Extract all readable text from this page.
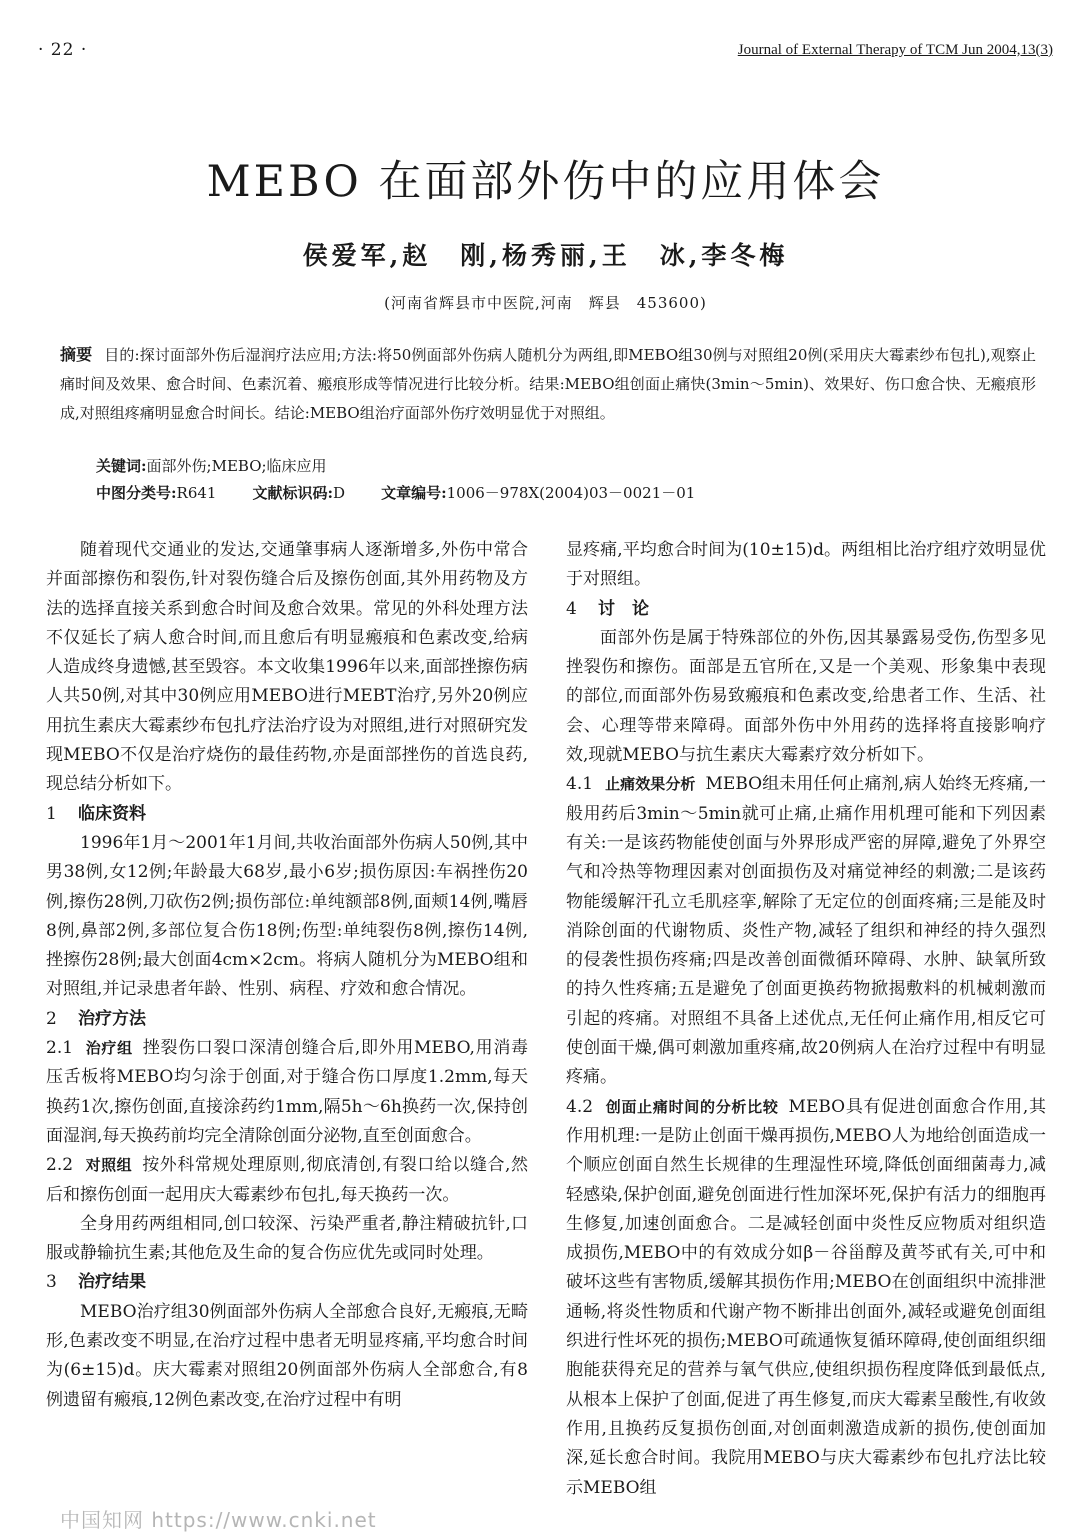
· 22 ·	Journal of External Therapy of TCM Jun 2004,13(3)
MEBO 在面部外伤中的应用体会
侯爱军,赵　刚,杨秀丽,王　冰,李冬梅
(河南省辉县市中医院,河南　辉县　453600)
摘要 目的:探讨面部外伤后湿润疗法应用;方法:将50例面部外伤病人随机分为两组,即MEBO组30例与对照组20例(采用庆大霉素纱布包扎),观察止痛时间及效果、愈合时间、色素沉着、瘢痕形成等情况进行比较分析。结果:MEBO组创面止痛快(3min～5min)、效果好、伤口愈合快、无瘢痕形成,对照组疼痛明显愈合时间长。结论:MEBO组治疗面部外伤疗效明显优于对照组。
关键词:面部外伤;MEBO;临床应用
中图分类号:R641 文献标识码:D 文章编号:1006－978X(2004)03－0021－01

随着现代交通业的发达,交通肇事病人逐渐增多,外伤中常合并面部擦伤和裂伤,针对裂伤缝合后及擦伤创面,其外用药物及方法的选择直接关系到愈合时间及愈合效果。常见的外科处理方法不仅延长了病人愈合时间,而且愈后有明显瘢痕和色素改变,给病人造成终身遗憾,甚至毁容。本文收集1996年以来,面部挫擦伤病人共50例,对其中30例应用MEBO进行MEBT治疗,另外20例应用抗生素庆大霉素纱布包扎疗法治疗设为对照组,进行对照研究发现MEBO不仅是治疗烧伤的最佳药物,亦是面部挫伤的首选良药,现总结分析如下。

1 临床资料

1996年1月～2001年1月间,共收治面部外伤病人50例,其中男38例,女12例;年龄最大68岁,最小6岁;损伤原因:车祸挫伤20例,擦伤28例,刀砍伤2例;损伤部位:单纯额部8例,面颊14例,嘴唇8例,鼻部2例,多部位复合伤18例;伤型:单纯裂伤8例,擦伤14例,挫擦伤28例;最大创面4cm×2cm。将病人随机分为MEBO组和对照组,并记录患者年龄、性别、病程、疗效和愈合情况。

2 治疗方法

2.1 治疗组 挫裂伤口裂口深清创缝合后,即外用MEBO,用消毒压舌板将MEBO均匀涂于创面,对于缝合伤口厚度1.2mm,每天换药1次,擦伤创面,直接涂药约1mm,隔5h～6h换药一次,保持创面湿润,每天换药前均完全清除创面分泌物,直至创面愈合。

2.2 对照组 按外科常规处理原则,彻底清创,有裂口给以缝合,然后和擦伤创面一起用庆大霉素纱布包扎,每天换药一次。

全身用药两组相同,创口较深、污染严重者,静注精破抗针,口服或静输抗生素;其他危及生命的复合伤应优先或同时处理。

3 治疗结果

MEBO治疗组30例面部外伤病人全部愈合良好,无瘢痕,无畸形,色素改变不明显,在治疗过程中患者无明显疼痛,平均愈合时间为(6±15)d。庆大霉素对照组20例面部外伤病人全部愈合,有8例遗留有瘢痕,12例色素改变,在治疗过程中有明

显疼痛,平均愈合时间为(10±15)d。两组相比治疗组疗效明显优于对照组。

4 讨　论

面部外伤是属于特殊部位的外伤,因其暴露易受伤,伤型多见挫裂伤和擦伤。面部是五官所在,又是一个美观、形象集中表现的部位,而面部外伤易致瘢痕和色素改变,给患者工作、生活、社会、心理等带来障碍。面部外伤中外用药的选择将直接影响疗效,现就MEBO与抗生素庆大霉素疗效分析如下。

4.1 止痛效果分析 MEBO组未用任何止痛剂,病人始终无疼痛,一般用药后3min～5min就可止痛,止痛作用机理可能和下列因素有关:一是该药物能使创面与外界形成严密的屏障,避免了外界空气和冷热等物理因素对创面损伤及对痛觉神经的刺激;二是该药物能缓解汗孔立毛肌痉挛,解除了无定位的创面疼痛;三是能及时消除创面的代谢物质、炎性产物,减轻了组织和神经的持久强烈的侵袭性损伤疼痛;四是改善创面微循环障碍、水肿、缺氧所致的持久性疼痛;五是避免了创面更换药物掀揭敷料的机械刺激而引起的疼痛。对照组不具备上述优点,无任何止痛作用,相反它可使创面干燥,偶可刺激加重疼痛,故20例病人在治疗过程中有明显疼痛。

4.2 创面止痛时间的分析比较 MEBO具有促进创面愈合作用,其作用机理:一是防止创面干燥再损伤,MEBO人为地给创面造成一个顺应创面自然生长规律的生理湿性环境,降低创面细菌毒力,减轻感染,保护创面,避免创面进行性加深坏死,保护有活力的细胞再生修复,加速创面愈合。二是减轻创面中炎性反应物质对组织造成损伤,MEBO中的有效成分如β－谷甾醇及黄芩甙有关,可中和破坏这些有害物质,缓解其损伤作用;MEBO在创面组织中流排泄通畅,将炎性物质和代谢产物不断排出创面外,减轻或避免创面组织进行性坏死的损伤;MEBO可疏通恢复循环障碍,使创面组织细胞能获得充足的营养与氧气供应,使组织损伤程度降低到最低点,从根本上保护了创面,促进了再生修复,而庆大霉素呈酸性,有收敛作用,且换药反复损伤创面,对创面刺激造成新的损伤,使创面加深,延长愈合时间。我院用MEBO与庆大霉素纱布包扎疗法比较示MEBO组

中国知网 https://www.cnki.net
